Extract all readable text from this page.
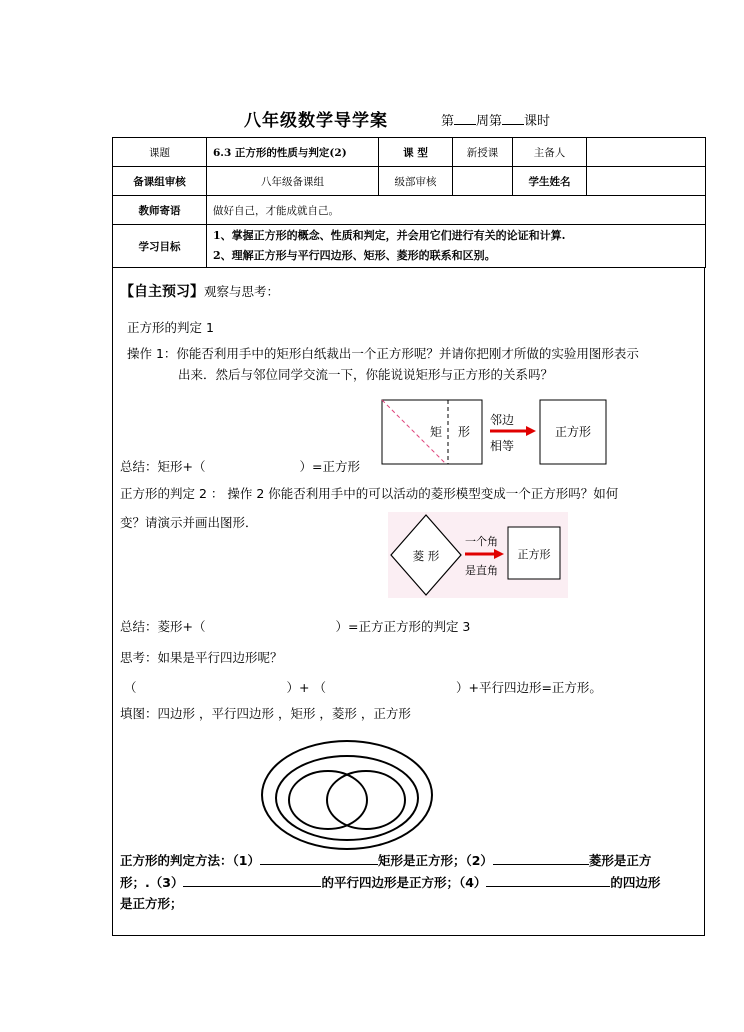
八年级数学导学案	第 周第 课时
课题	6.3 正方形的性质与判定(2)	课 型	新授课	主备人	
备课组审核	八年级备课组	级部审核		学生姓名	
教师寄语	做好自己，才能成就自己。				
学习目标	1、掌握正方形的概念、性质和判定，并会用它们进行有关的论证和计算.
2、理解正方形与平行四边形、矩形、菱形的联系和区别。				
【自主预习】观察与思考：
正方形的判定 1
操作 1：你能否利用手中的矩形白纸裁出一个正方形呢？并请你把刚才所做的实验用图形表示
出来．然后与邻位同学交流一下，你能说说矩形与正方形的关系吗？
矩 形
邻边
相等
正方形
总结：矩形+（	）=正方形
正方形的判定 2 ： 操作 2 你能否利用手中的可以活动的菱形模型变成一个正方形吗？如何
变？请演示并画出图形．
菱 形
一个角
是直角
正方形
总结：菱形+（	）=正方正方形的判定 3
思考：如果是平行四边形呢？
（	）+ （	）+平行四边形=正方形。
填图：四边形 ，平行四边形 ，矩形 ，菱形 ，正方形
正方形的判定方法：（1）	矩形是正方形；（2）	菱形是正方
形；.（3）	的平行四边形是正方形；（4）	的四边形
是正方形；
